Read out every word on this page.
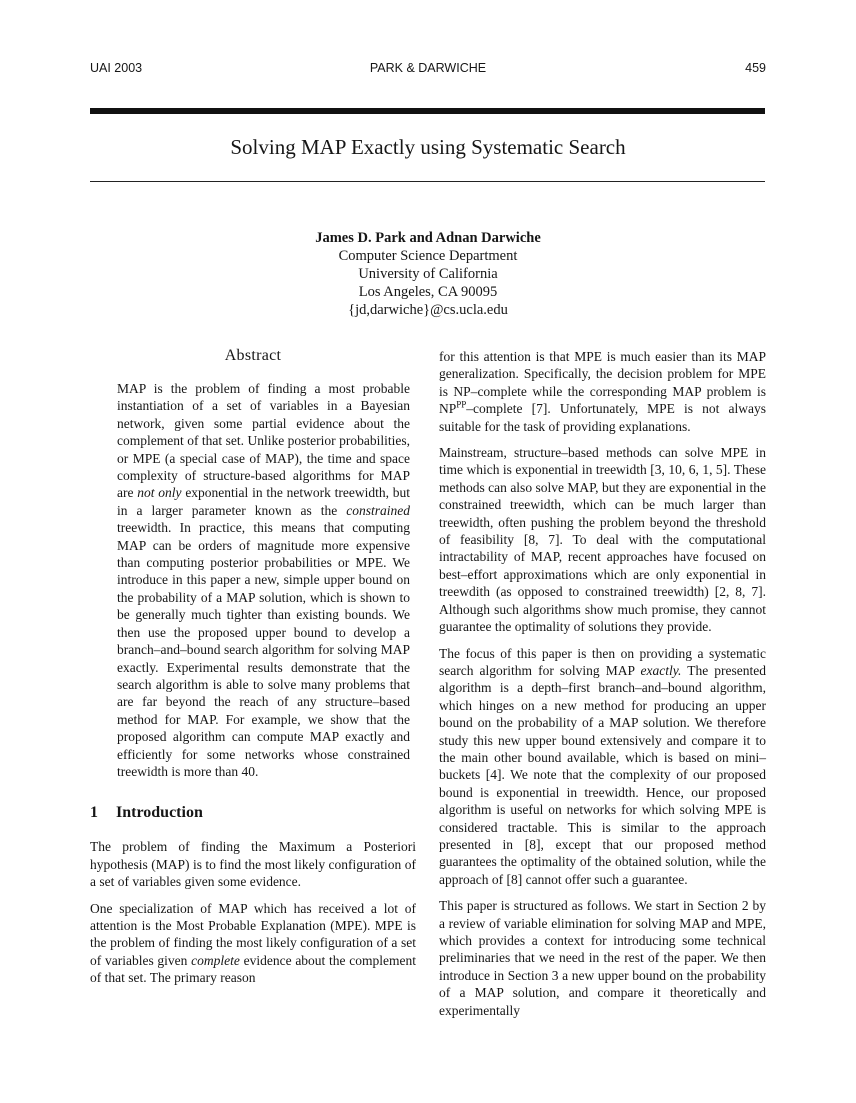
UAI 2003	PARK & DARWICHE	459
Solving MAP Exactly using Systematic Search
James D. Park and Adnan Darwiche
Computer Science Department
University of California
Los Angeles, CA 90095
{jd,darwiche}@cs.ucla.edu
Abstract

MAP is the problem of finding a most probable instantiation of a set of variables in a Bayesian network, given some partial evidence about the complement of that set. Unlike posterior probabilities, or MPE (a special case of MAP), the time and space complexity of structure-based algorithms for MAP are not only exponential in the network treewidth, but in a larger parameter known as the constrained treewidth. In practice, this means that computing MAP can be orders of magnitude more expensive than computing posterior probabilities or MPE. We introduce in this paper a new, simple upper bound on the probability of a MAP solution, which is shown to be generally much tighter than existing bounds. We then use the proposed upper bound to develop a branch–and–bound search algorithm for solving MAP exactly. Experimental results demonstrate that the search algorithm is able to solve many problems that are far beyond the reach of any structure–based method for MAP. For example, we show that the proposed algorithm can compute MAP exactly and efficiently for some networks whose constrained treewidth is more than 40.

1 Introduction

The problem of finding the Maximum a Posteriori hypothesis (MAP) is to find the most likely configuration of a set of variables given some evidence.

One specialization of MAP which has received a lot of attention is the Most Probable Explanation (MPE). MPE is the problem of finding the most likely configuration of a set of variables given complete evidence about the complement of that set. The primary reason

for this attention is that MPE is much easier than its MAP generalization. Specifically, the decision problem for MPE is NP–complete while the corresponding MAP problem is $NP^{PP}$–complete [7]. Unfortunately, MPE is not always suitable for the task of providing explanations.

Mainstream, structure–based methods can solve MPE in time which is exponential in treewidth [3, 10, 6, 1, 5]. These methods can also solve MAP, but they are exponential in the constrained treewidth, which can be much larger than treewidth, often pushing the problem beyond the threshold of feasibility [8, 7]. To deal with the computational intractability of MAP, recent approaches have focused on best–effort approximations which are only exponential in treewdith (as opposed to constrained treewidth) [2, 8, 7]. Although such algorithms show much promise, they cannot guarantee the optimality of solutions they provide.

The focus of this paper is then on providing a systematic search algorithm for solving MAP exactly. The presented algorithm is a depth–first branch–and–bound algorithm, which hinges on a new method for producing an upper bound on the probability of a MAP solution. We therefore study this new upper bound extensively and compare it to the main other bound available, which is based on mini–buckets [4]. We note that the complexity of our proposed bound is exponential in treewidth. Hence, our proposed algorithm is useful on networks for which solving MPE is considered tractable. This is similar to the approach presented in [8], except that our proposed method guarantees the optimality of the obtained solution, while the approach of [8] cannot offer such a guarantee.

This paper is structured as follows. We start in Section 2 by a review of variable elimination for solving MAP and MPE, which provides a context for introducing some technical preliminaries that we need in the rest of the paper. We then introduce in Section 3 a new upper bound on the probability of a MAP solution, and compare it theoretically and experimentally
